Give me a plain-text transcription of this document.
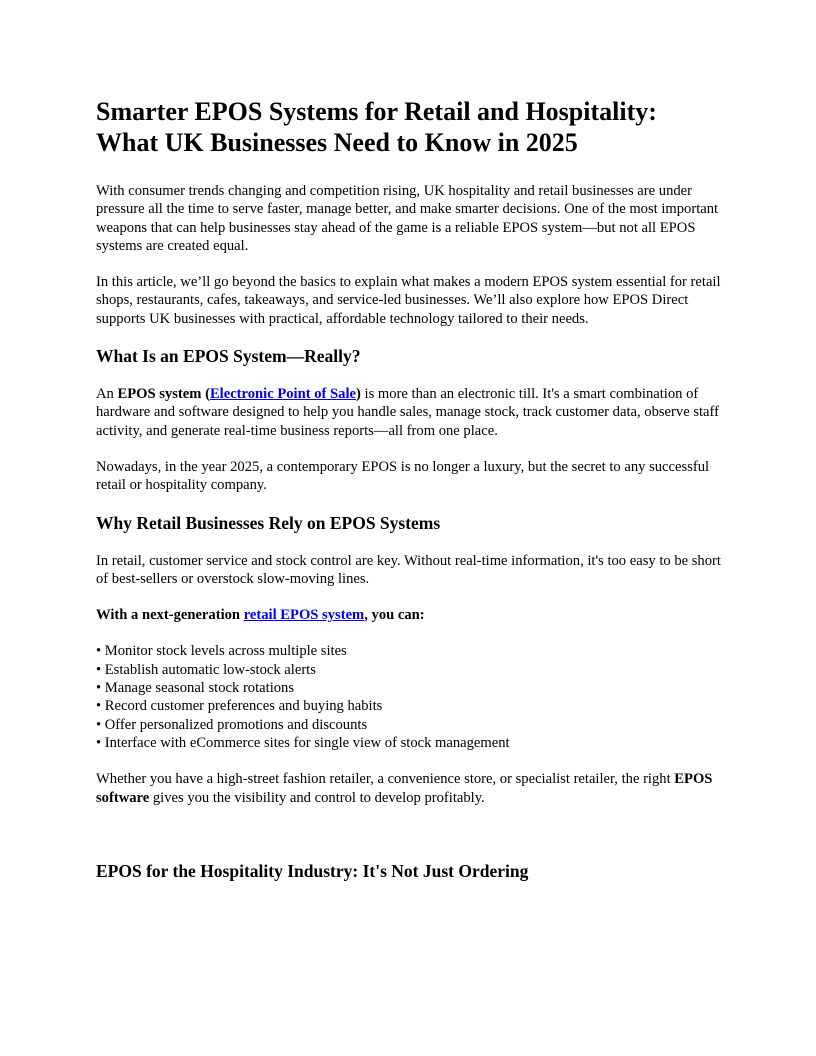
Smarter EPOS Systems for Retail and Hospitality:
What UK Businesses Need to Know in 2025

With consumer trends changing and competition rising, UK hospitality and retail businesses are under pressure all the time to serve faster, manage better, and make smarter decisions. One of the most important weapons that can help businesses stay ahead of the game is a reliable EPOS system—but not all EPOS systems are created equal.

In this article, we’ll go beyond the basics to explain what makes a modern EPOS system essential for retail shops, restaurants, cafes, takeaways, and service-led businesses. We’ll also explore how EPOS Direct supports UK businesses with practical, affordable technology tailored to their needs.

What Is an EPOS System—Really?

An EPOS system (Electronic Point of Sale) is more than an electronic till. It's a smart combination of hardware and software designed to help you handle sales, manage stock, track customer data, observe staff activity, and generate real-time business reports—all from one place.

Nowadays, in the year 2025, a contemporary EPOS is no longer a luxury, but the secret to any successful retail or hospitality company.

Why Retail Businesses Rely on EPOS Systems

In retail, customer service and stock control are key. Without real-time information, it's too easy to be short of best-sellers or overstock slow-moving lines.

With a next-generation retail EPOS system, you can:

• Monitor stock levels across multiple sites
• Establish automatic low-stock alerts
• Manage seasonal stock rotations
• Record customer preferences and buying habits
• Offer personalized promotions and discounts
• Interface with eCommerce sites for single view of stock management

Whether you have a high-street fashion retailer, a convenience store, or specialist retailer, the right EPOS software gives you the visibility and control to develop profitably.

EPOS for the Hospitality Industry: It's Not Just Ordering
